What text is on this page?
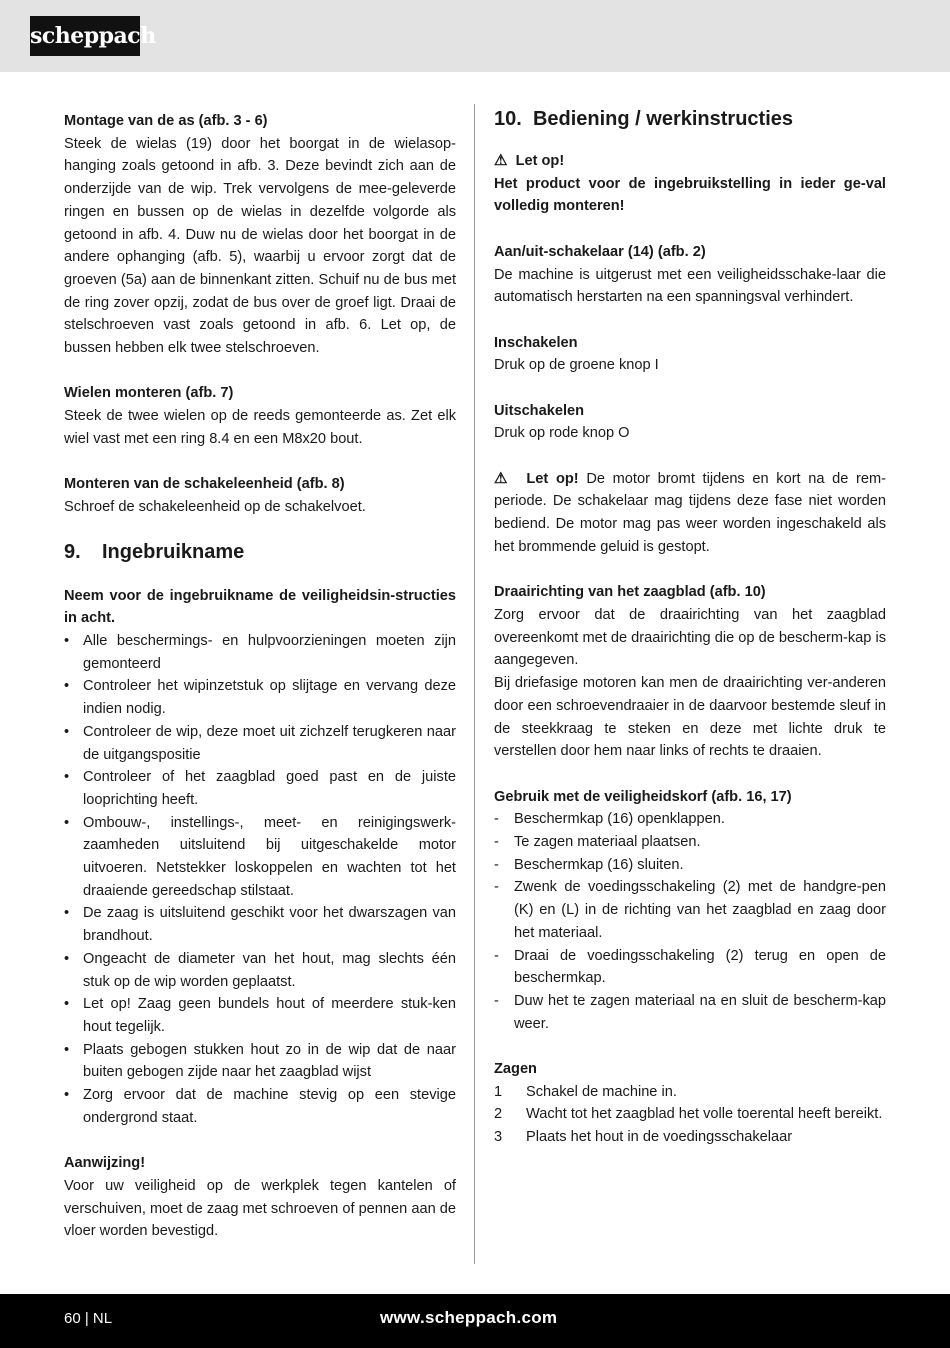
scheppach

Montage van de as (afb. 3 - 6)

Steek de wielas (19) door het boorgat in de wielasop-hanging zoals getoond in afb. 3. Deze bevindt zich aan de onderzijde van de wip. Trek vervolgens de mee-geleverde ringen en bussen op de wielas in dezelfde volgorde als getoond in afb. 4. Duw nu de wielas door het boorgat in de andere ophanging (afb. 5), waarbij u ervoor zorgt dat de groeven (5a) aan de binnenkant zitten. Schuif nu de bus met de ring zover opzij, zodat de bus over de groef ligt. Draai de stelschroeven vast zoals getoond in afb. 6. Let op, de bussen hebben elk twee stelschroeven.

Wielen monteren (afb. 7)

Steek de twee wielen op de reeds gemonteerde as. Zet elk wiel vast met een ring 8.4 en een M8x20 bout.

Monteren van de schakeleenheid (afb. 8)

Schroef de schakeleenheid op de schakelvoet.

9. Ingebruikname

Neem voor de ingebruikname de veiligheidsin-structies in acht.

• Alle beschermings- en hulpvoorzieningen moeten zijn gemonteerd
• Controleer het wipinzetstuk op slijtage en vervang deze indien nodig.
• Controleer de wip, deze moet uit zichzelf terugkeren naar de uitgangspositie
• Controleer of het zaagblad goed past en de juiste looprichting heeft.
• Ombouw-, instellings-, meet- en reinigingswerk-zaamheden uitsluitend bij uitgeschakelde motor uitvoeren. Netstekker loskoppelen en wachten tot het draaiende gereedschap stilstaat.
• De zaag is uitsluitend geschikt voor het dwarszagen van brandhout.
• Ongeacht de diameter van het hout, mag slechts één stuk op de wip worden geplaatst.
• Let op! Zaag geen bundels hout of meerdere stuk-ken hout tegelijk.
• Plaats gebogen stukken hout zo in de wip dat de naar buiten gebogen zijde naar het zaagblad wijst
• Zorg ervoor dat de machine stevig op een stevige ondergrond staat.

Aanwijzing!

Voor uw veiligheid op de werkplek tegen kantelen of verschuiven, moet de zaag met schroeven of pennen aan de vloer worden bevestigd.

10. Bediening / werkinstructies

⚠ Let op!

Het product voor de ingebruikstelling in ieder ge-val volledig monteren!

Aan/uit-schakelaar (14) (afb. 2)

De machine is uitgerust met een veiligheidsschake-laar die automatisch herstarten na een spanningsval verhindert.

Inschakelen

Druk op de groene knop I

Uitschakelen

Druk op rode knop O

⚠ Let op! De motor bromt tijdens en kort na de rem-periode. De schakelaar mag tijdens deze fase niet worden bediend. De motor mag pas weer worden ingeschakeld als het brommende geluid is gestopt.

Draairichting van het zaagblad (afb. 10)

Zorg ervoor dat de draairichting van het zaagblad overeenkomt met de draairichting die op de bescherm-kap is aangegeven.

Bij driefasige motoren kan men de draairichting ver-anderen door een schroevendraaier in de daarvoor bestemde sleuf in de steekkraag te steken en deze met lichte druk te verstellen door hem naar links of rechts te draaien.

Gebruik met de veiligheidskorf (afb. 16, 17)

- Beschermkap (16) openklappen.
- Te zagen materiaal plaatsen.
- Beschermkap (16) sluiten.
- Zwenk de voedingsschakeling (2) met de handgre-pen (K) en (L) in de richting van het zaagblad en zaag door het materiaal.
- Draai de voedingsschakeling (2) terug en open de beschermkap.
- Duw het te zagen materiaal na en sluit de bescherm-kap weer.

Zagen

1 Schakel de machine in.
2 Wacht tot het zaagblad het volle toerental heeft bereikt.
3 Plaats het hout in de voedingsschakelaar
60 | NL	www.scheppach.com
